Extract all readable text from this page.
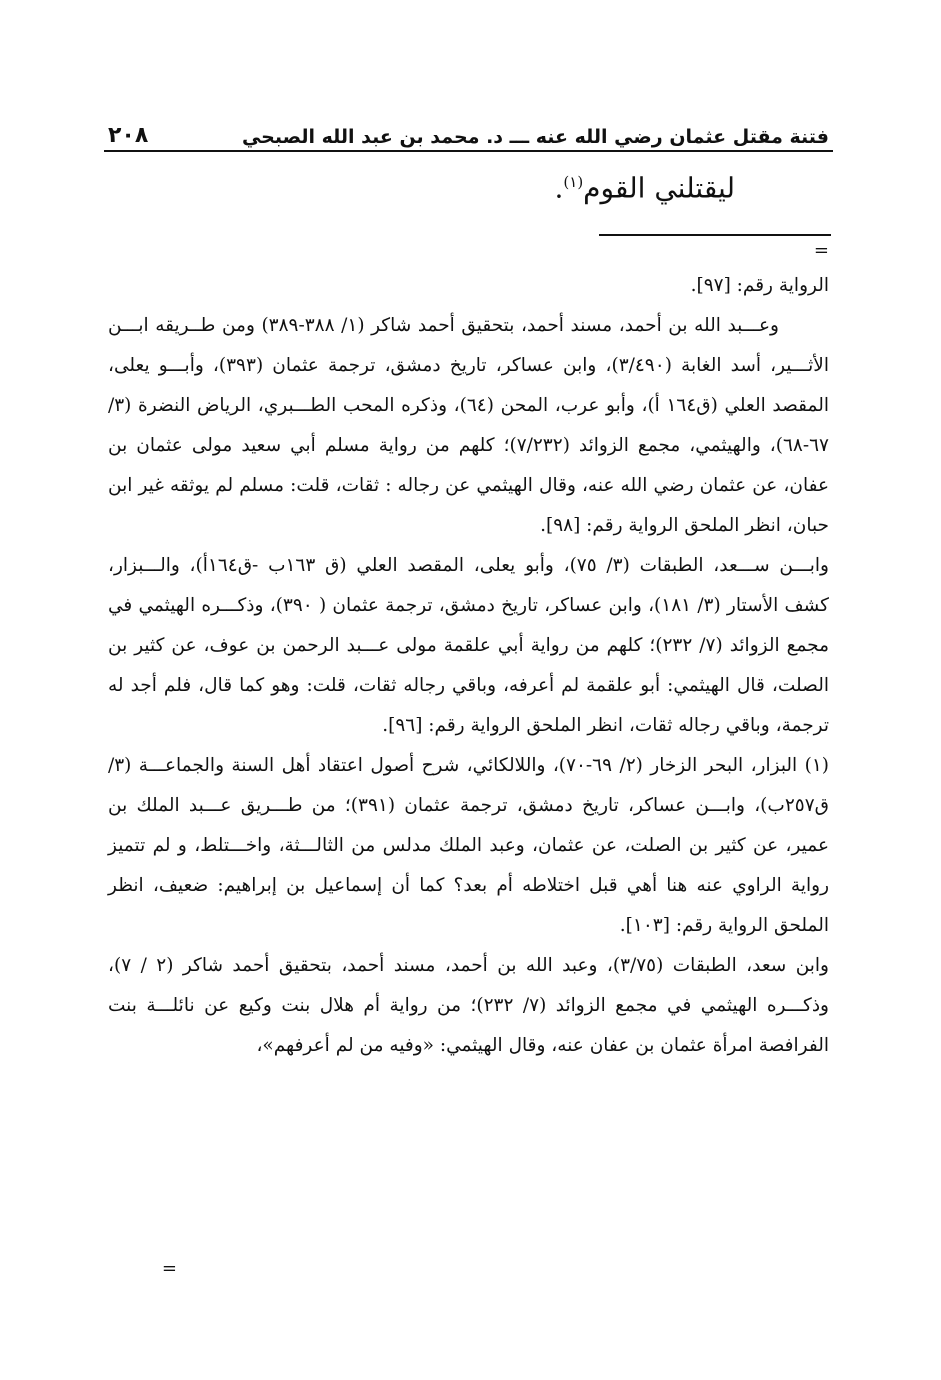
فتنة مقتل عثمان رضي الله عنه ـــ د. محمد بن عبد الله الصبحي
٢٠٨
ليقتلني القوم$^{(١)}$.
=

الرواية رقم: [٩٧].

وعـــبد الله بن أحمد، مسند أحمد، بتحقيق أحمد شاكر (١/ ٣٨٨-٣٨٩) ومن طــريقه ابـــن الأثـــير، أسد الغابة (٣/٤٩٠)، وابن عساكر، تاريخ دمشق، ترجمة عثمان (٣٩٣)، وأبـــو يعلى، المقصد العلي (ق١٦٤ أ)، وأبو عرب، المحن (٦٤)، وذكره المحب الطـــبري، الرياض النضرة (٣/ ٦٧-٦٨)، والهيثمي، مجمع الزوائد (٧/٢٣٢)؛ كلهم من رواية مسلم أبي سعيد مولى عثمان بن عفان، عن عثمان رضي الله عنه، وقال الهيثمي عن رجاله : ثقات، قلت: مسلم لم يوثقه غير ابن حبان، انظر الملحق الرواية رقم: [٩٨].

وابـــن ســـعد، الطبقات (٣/ ٧٥)، وأبو يعلى، المقصد العلي (ق ١٦٣ب -ق١٦٤أ)، والـــبزار، كشف الأستار (٣/ ١٨١)، وابن عساكر، تاريخ دمشق، ترجمة عثمان ( ٣٩٠)، وذكـــره الهيثمي في مجمع الزوائد (٧/ ٢٣٢)؛ كلهم من رواية أبي علقمة مولى عـــبد الرحمن بن عوف، عن كثير بن الصلت، قال الهيثمي: أبو علقمة لم أعرفه، وباقي رجاله ثقات، قلت: وهو كما قال، فلم أجد له ترجمة، وباقي رجاله ثقات، انظر الملحق الرواية رقم: [٩٦].

(١) البزار، البحر الزخار (٢/ ٦٩-٧٠)، واللالكائي، شرح أصول اعتقاد أهل السنة والجماعـــة (٣/ ق٢٥٧ب)، وابـــن عساكر، تاريخ دمشق، ترجمة عثمان (٣٩١)؛ من طـــريق عـــبد الملك بن عمير، عن كثير بن الصلت، عن عثمان، وعبد الملك مدلس من الثالـــثة، واخـــتلط، و لم تتميز رواية الراوي عنه هنا أهي قبل اختلاطه أم بعد؟ كما أن إسماعيل بن إبراهيم: ضعيف، انظر الملحق الرواية رقم: [١٠٣].

وابن سعد، الطبقات (٣/٧٥)، وعبد الله بن أحمد، مسند أحمد، بتحقيق أحمد شاكر (٢ / ٧)، وذكـــره الهيثمي في مجمع الزوائد (٧/ ٢٣٢)؛ من رواية أم هلال بنت وكيع عن نائلـــة بنت الفرافصة امرأة عثمان بن عفان عنه، وقال الهيثمي: «وفيه من لم أعرفهم»،

=
